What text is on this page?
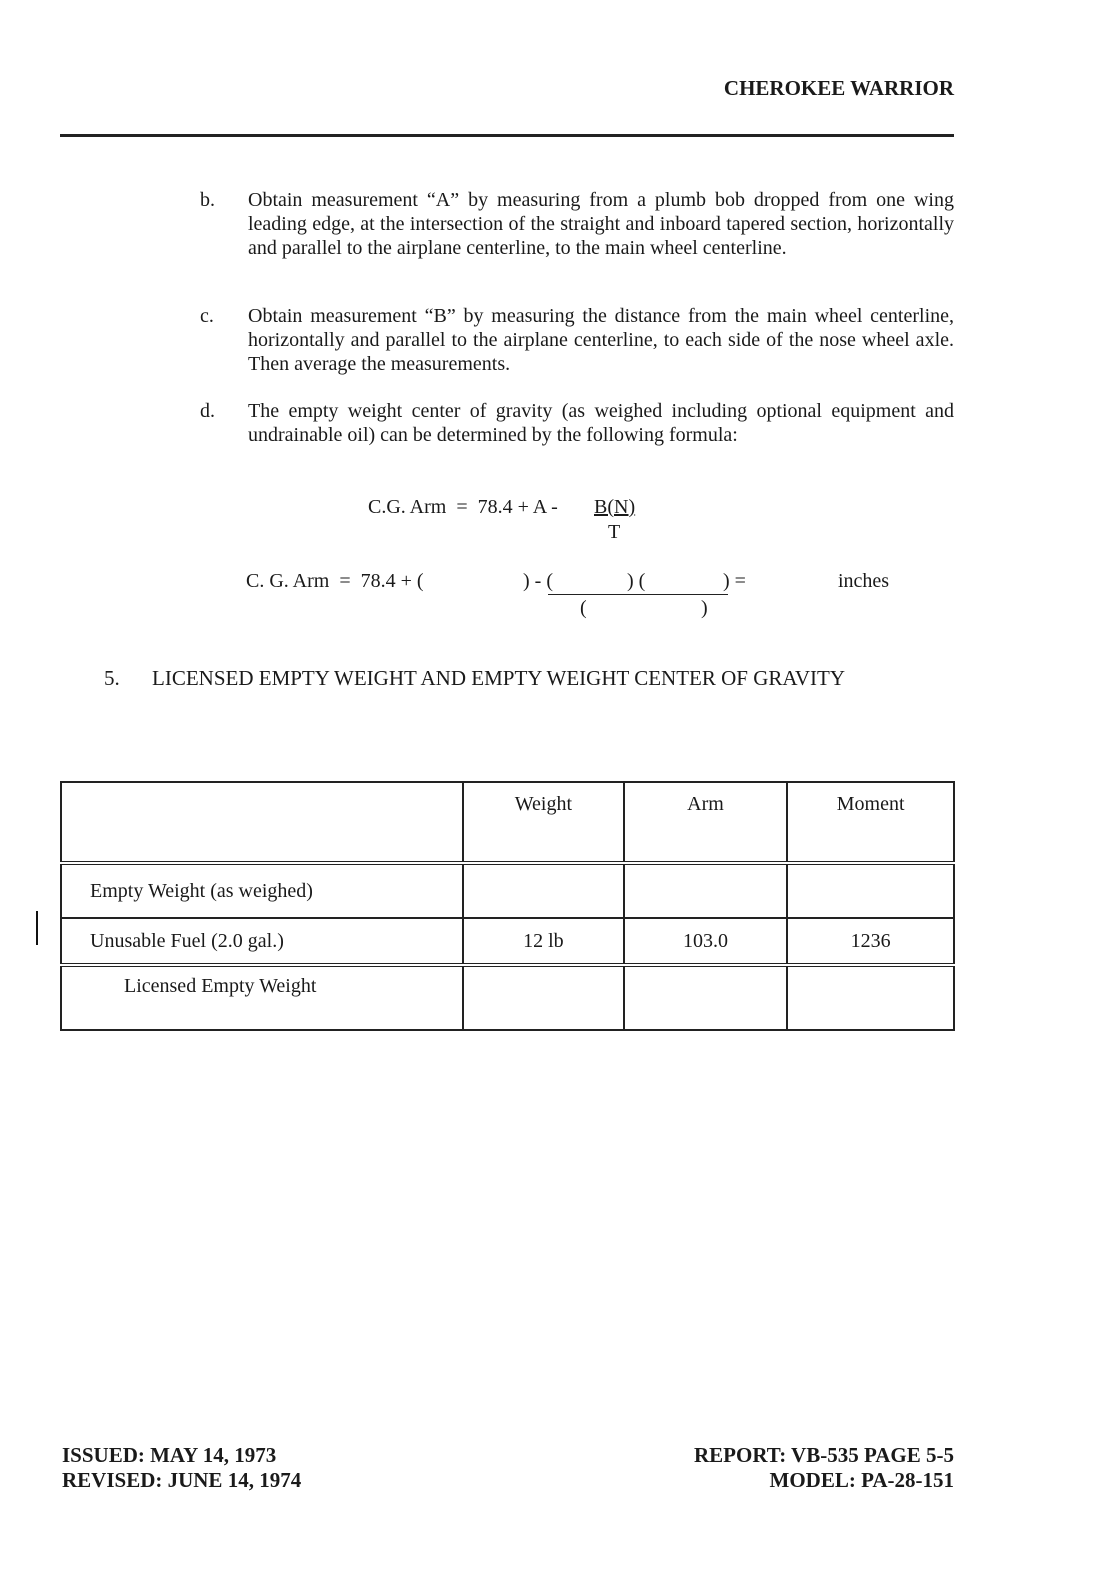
CHEROKEE WARRIOR
b. Obtain measurement “A” by measuring from a plumb bob dropped from one wing leading edge, at the intersection of the straight and inboard tapered section, horizontally and parallel to the airplane centerline, to the main wheel centerline.
c. Obtain measurement “B” by measuring the distance from the main wheel centerline, horizontally and parallel to the airplane centerline, to each side of the nose wheel axle. Then average the measurements.
d. The empty weight center of gravity (as weighed including optional equipment and undrainable oil) can be determined by the following formula:
C.G. Arm  =  78.4 + A - B(N)
T
C. G. Arm  =  78.4 + (	) - (	) (	) =
(	)
inches
5. LICENSED EMPTY WEIGHT AND EMPTY WEIGHT CENTER OF GRAVITY
	Weight	Arm	Moment
Empty Weight (as weighed)			
Unusable Fuel (2.0 gal.)	12 lb	103.0	1236
Licensed Empty Weight			
ISSUED: MAY 14, 1973
REVISED: JUNE 14, 1974
REPORT: VB-535 PAGE 5-5
MODEL: PA-28-151
